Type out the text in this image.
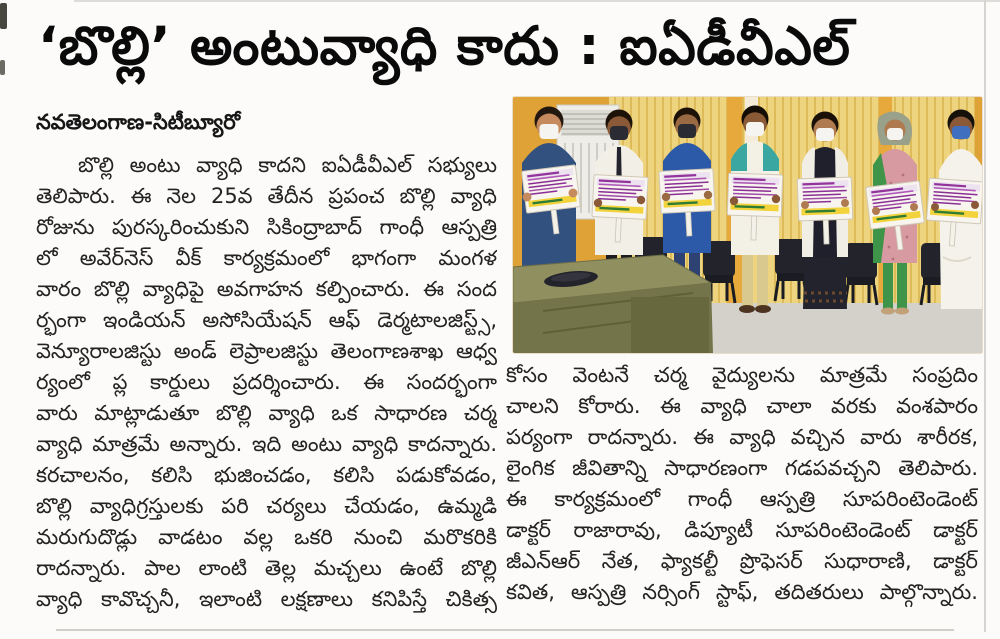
‘బొల్లి’ అంటువ్యాధి కాదు : ఐఏడీవీఎల్
నవతెలంగాణ-సిటీబ్యూరో
బొల్లి అంటు వ్యాధి కాదని ఐఏడీవీఎల్ సభ్యులు
తెలిపారు. ఈ నెల 25వ తేదీన ప్రపంచ బొల్లి వ్యాధి
రోజును పురస్కరించుకుని సికింద్రాబాద్ గాంధీ ఆస్పత్రి
లో అవేర్‌నెస్ వీక్ కార్యక్రమంలో భాగంగా మంగళ
వారం బొల్లి వ్యాధిపై అవగాహన కల్పించారు. ఈ సంద
ర్భంగా ఇండియన్ అసోసియేషన్ ఆఫ్ డెర్మటాలజిస్ట్స్,
వెన్యూరాలజిస్టు అండ్ లెప్రాలజిస్టు తెలంగాణశాఖ ఆధ్వ
ర్యంలో ప్ల కార్డులు ప్రదర్శించారు. ఈ సందర్భంగా
వారు మాట్లాడుతూ బొల్లి వ్యాధి ఒక సాధారణ చర్మ
వ్యాధి మాత్రమే అన్నారు. ఇది అంటు వ్యాధి కాదన్నారు.
కరచాలనం, కలిసి భుజించడం, కలిసి పడుకోవడం,
బొల్లి వ్యాధిగ్రస్తులకు పరి చర్యలు చేయడం, ఉమ్మడి
మరుగుదొడ్లు వాడటం వల్ల ఒకరి నుంచి మరొకరికి
రాదన్నారు. పాల లాంటి తెల్ల మచ్చలు ఉంటే బొల్లి
వ్యాధి కావొచ్చనీ, ఇలాంటి లక్షణాలు కనిపిస్తే చికిత్స
కోసం వెంటనే చర్మ వైద్యులను మాత్రమే సంప్రదిం
చాలని కోరారు. ఈ వ్యాధి చాలా వరకు వంశపారం
పర్యంగా రాదన్నారు. ఈ వ్యాధి వచ్చిన వారు శారీరక,
లైంగిక జీవితాన్ని సాధారణంగా గడపవచ్చని తెలిపారు.
ఈ కార్యక్రమంలో గాంధీ ఆస్పత్రి సూపరింటెండెంట్
డాక్టర్ రాజారావు, డిప్యూటీ సూపరింటెండెంట్ డాక్టర్
జీఎన్‌ఆర్ నేత, ఫ్యాకల్టీ ప్రొఫెసర్ సుధారాణి, డాక్టర్
కవిత, ఆస్పత్రి నర్సింగ్ స్టాఫ్, తదితరులు పాల్గొన్నారు.
